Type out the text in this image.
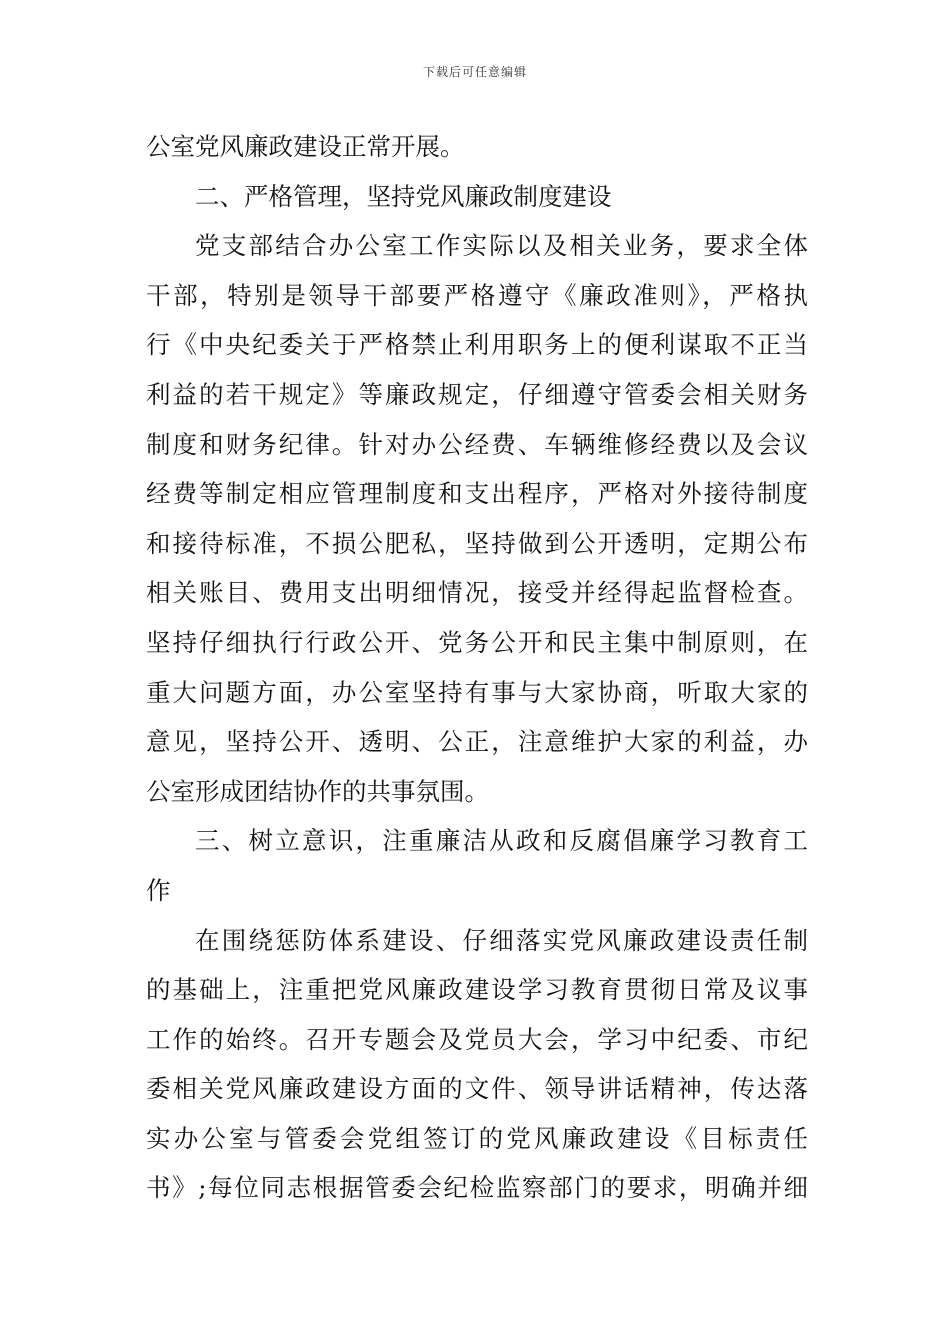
下载后可任意编辑
公室党风廉政建设正常开展。
二、严格管理，坚持党风廉政制度建设
党支部结合办公室工作实际以及相关业务，要求全体
干部，特别是领导干部要严格遵守《廉政准则》，严格执
行《中央纪委关于严格禁止利用职务上的便利谋取不正当
利益的若干规定》等廉政规定，仔细遵守管委会相关财务
制度和财务纪律。针对办公经费、车辆维修经费以及会议
经费等制定相应管理制度和支出程序，严格对外接待制度
和接待标准，不损公肥私，坚持做到公开透明，定期公布
相关账目、费用支出明细情况，接受并经得起监督检查。
坚持仔细执行行政公开、党务公开和民主集中制原则，在
重大问题方面，办公室坚持有事与大家协商，听取大家的
意见，坚持公开、透明、公正，注意维护大家的利益，办
公室形成团结协作的共事氛围。
三、树立意识，注重廉洁从政和反腐倡廉学习教育工
作
在围绕惩防体系建设、仔细落实党风廉政建设责任制
的基础上，注重把党风廉政建设学习教育贯彻日常及议事
工作的始终。召开专题会及党员大会，学习中纪委、市纪
委相关党风廉政建设方面的文件、领导讲话精神，传达落
实办公室与管委会党组签订的党风廉政建设《目标责任
书》;每位同志根据管委会纪检监察部门的要求，明确并细
